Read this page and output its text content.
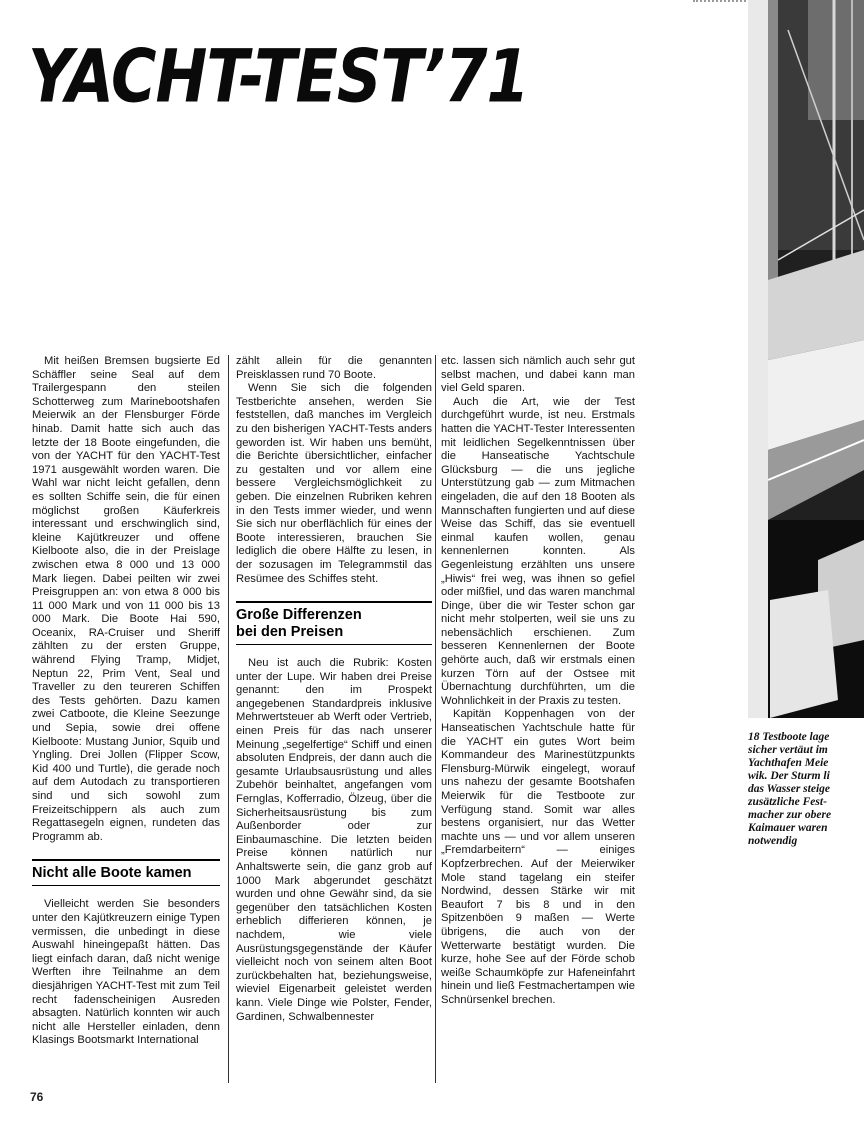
YACHT-TEST’71
18 Testboote lage
sicher vertäut im
Yachthafen Meie
wik. Der Sturm li
das Wasser steige
zusätzliche Fest-
macher zur obere
Kaimauer waren
notwendig

Mit heißen Bremsen bugsierte Ed Schäffler seine Seal auf dem Trailergespann den steilen Schotterweg zum Marinebootshafen Meierwik an der Flensburger Förde hinab. Damit hatte sich auch das letzte der 18 Boote eingefunden, die von der YACHT für den YACHT-Test 1971 ausgewählt worden waren. Die Wahl war nicht leicht gefallen, denn es sollten Schiffe sein, die für einen möglichst großen Käuferkreis interessant und erschwinglich sind, kleine Kajütkreuzer und offene Kielboote also, die in der Preislage zwischen etwa 8 000 und 13 000 Mark liegen. Dabei peilten wir zwei Preisgruppen an: von etwa 8 000 bis 11 000 Mark und von 11 000 bis 13 000 Mark. Die Boote Hai 590, Oceanix, RA-Cruiser und Sheriff zählten zu der ersten Gruppe, während Flying Tramp, Midjet, Neptun 22, Prim Vent, Seal und Traveller zu den teureren Schiffen des Tests gehörten. Dazu kamen zwei Catboote, die Kleine Seezunge und Sepia, sowie drei offene Kielboote: Mustang Junior, Squib und Yngling. Drei Jollen (Flipper Scow, Kid 400 und Turtle), die gerade noch auf dem Autodach zu transportieren sind und sich sowohl zum Freizeitschippern als auch zum Regattasegeln eignen, rundeten das Programm ab.

Nicht alle Boote kamen

Vielleicht werden Sie besonders unter den Kajütkreuzern einige Typen vermissen, die unbedingt in diese Auswahl hineingepaßt hätten. Das liegt einfach daran, daß nicht wenige Werften ihre Teilnahme an dem diesjährigen YACHT-Test mit zum Teil recht fadenscheinigen Ausreden absagten. Natürlich konnten wir auch nicht alle Hersteller einladen, denn Klasings Bootsmarkt International

zählt allein für die genannten Preisklassen rund 70 Boote.

Wenn Sie sich die folgenden Testberichte ansehen, werden Sie feststellen, daß manches im Vergleich zu den bisherigen YACHT-Tests anders geworden ist. Wir haben uns bemüht, die Berichte übersichtlicher, einfacher zu gestalten und vor allem eine bessere Vergleichsmöglichkeit zu geben. Die einzelnen Rubriken kehren in den Tests immer wieder, und wenn Sie sich nur oberflächlich für eines der Boote interessieren, brauchen Sie lediglich die obere Hälfte zu lesen, in der sozusagen im Telegrammstil das Resümee des Schiffes steht.

Große Differenzen
bei den Preisen

Neu ist auch die Rubrik: Kosten unter der Lupe. Wir haben drei Preise genannt: den im Prospekt angegebenen Standardpreis inklusive Mehrwertsteuer ab Werft oder Vertrieb, einen Preis für das nach unserer Meinung „segelfertige“ Schiff und einen absoluten Endpreis, der dann auch die gesamte Urlaubsausrüstung und alles Zubehör beinhaltet, angefangen vom Fernglas, Kofferradio, Ölzeug, über die Sicherheitsausrüstung bis zum Außenborder oder zur Einbaumaschine. Die letzten beiden Preise können natürlich nur Anhaltswerte sein, die ganz grob auf 1000 Mark abgerundet geschätzt wurden und ohne Gewähr sind, da sie gegenüber den tatsächlichen Kosten erheblich differieren können, je nachdem, wie viele Ausrüstungsgegenstände der Käufer vielleicht noch von seinem alten Boot zurückbehalten hat, beziehungsweise, wieviel Eigenarbeit geleistet werden kann. Viele Dinge wie Polster, Fender, Gardinen, Schwalbennester

etc. lassen sich nämlich auch sehr gut selbst machen, und dabei kann man viel Geld sparen.

Auch die Art, wie der Test durchgeführt wurde, ist neu. Erstmals hatten die YACHT-Tester Interessenten mit leidlichen Segelkenntnissen über die Hanseatische Yachtschule Glücksburg — die uns jegliche Unterstützung gab — zum Mitmachen eingeladen, die auf den 18 Booten als Mannschaften fungierten und auf diese Weise das Schiff, das sie eventuell einmal kaufen wollen, genau kennenlernen konnten. Als Gegenleistung erzählten uns unsere „Hiwis“ frei weg, was ihnen so gefiel oder mißfiel, und das waren manchmal Dinge, über die wir Tester schon gar nicht mehr stolperten, weil sie uns zu nebensächlich erschienen. Zum besseren Kennenlernen der Boote gehörte auch, daß wir erstmals einen kurzen Törn auf der Ostsee mit Übernachtung durchführten, um die Wohnlichkeit in der Praxis zu testen.

Kapitän Koppenhagen von der Hanseatischen Yachtschule hatte für die YACHT ein gutes Wort beim Kommandeur des Marinestützpunkts Flensburg-Mürwik eingelegt, worauf uns nahezu der gesamte Bootshafen Meierwik für die Testboote zur Verfügung stand. Somit war alles bestens organisiert, nur das Wetter machte uns — und vor allem unseren „Fremdarbeitern“ — einiges Kopfzerbrechen. Auf der Meierwiker Mole stand tagelang ein steifer Nordwind, dessen Stärke wir mit Beaufort 7 bis 8 und in den Spitzenböen 9 maßen — Werte übrigens, die auch von der Wetterwarte bestätigt wurden. Die kurze, hohe See auf der Förde schob weiße Schaumköpfe zur Hafeneinfahrt hinein und ließ Festmachertampen wie Schnürsenkel brechen.

76
